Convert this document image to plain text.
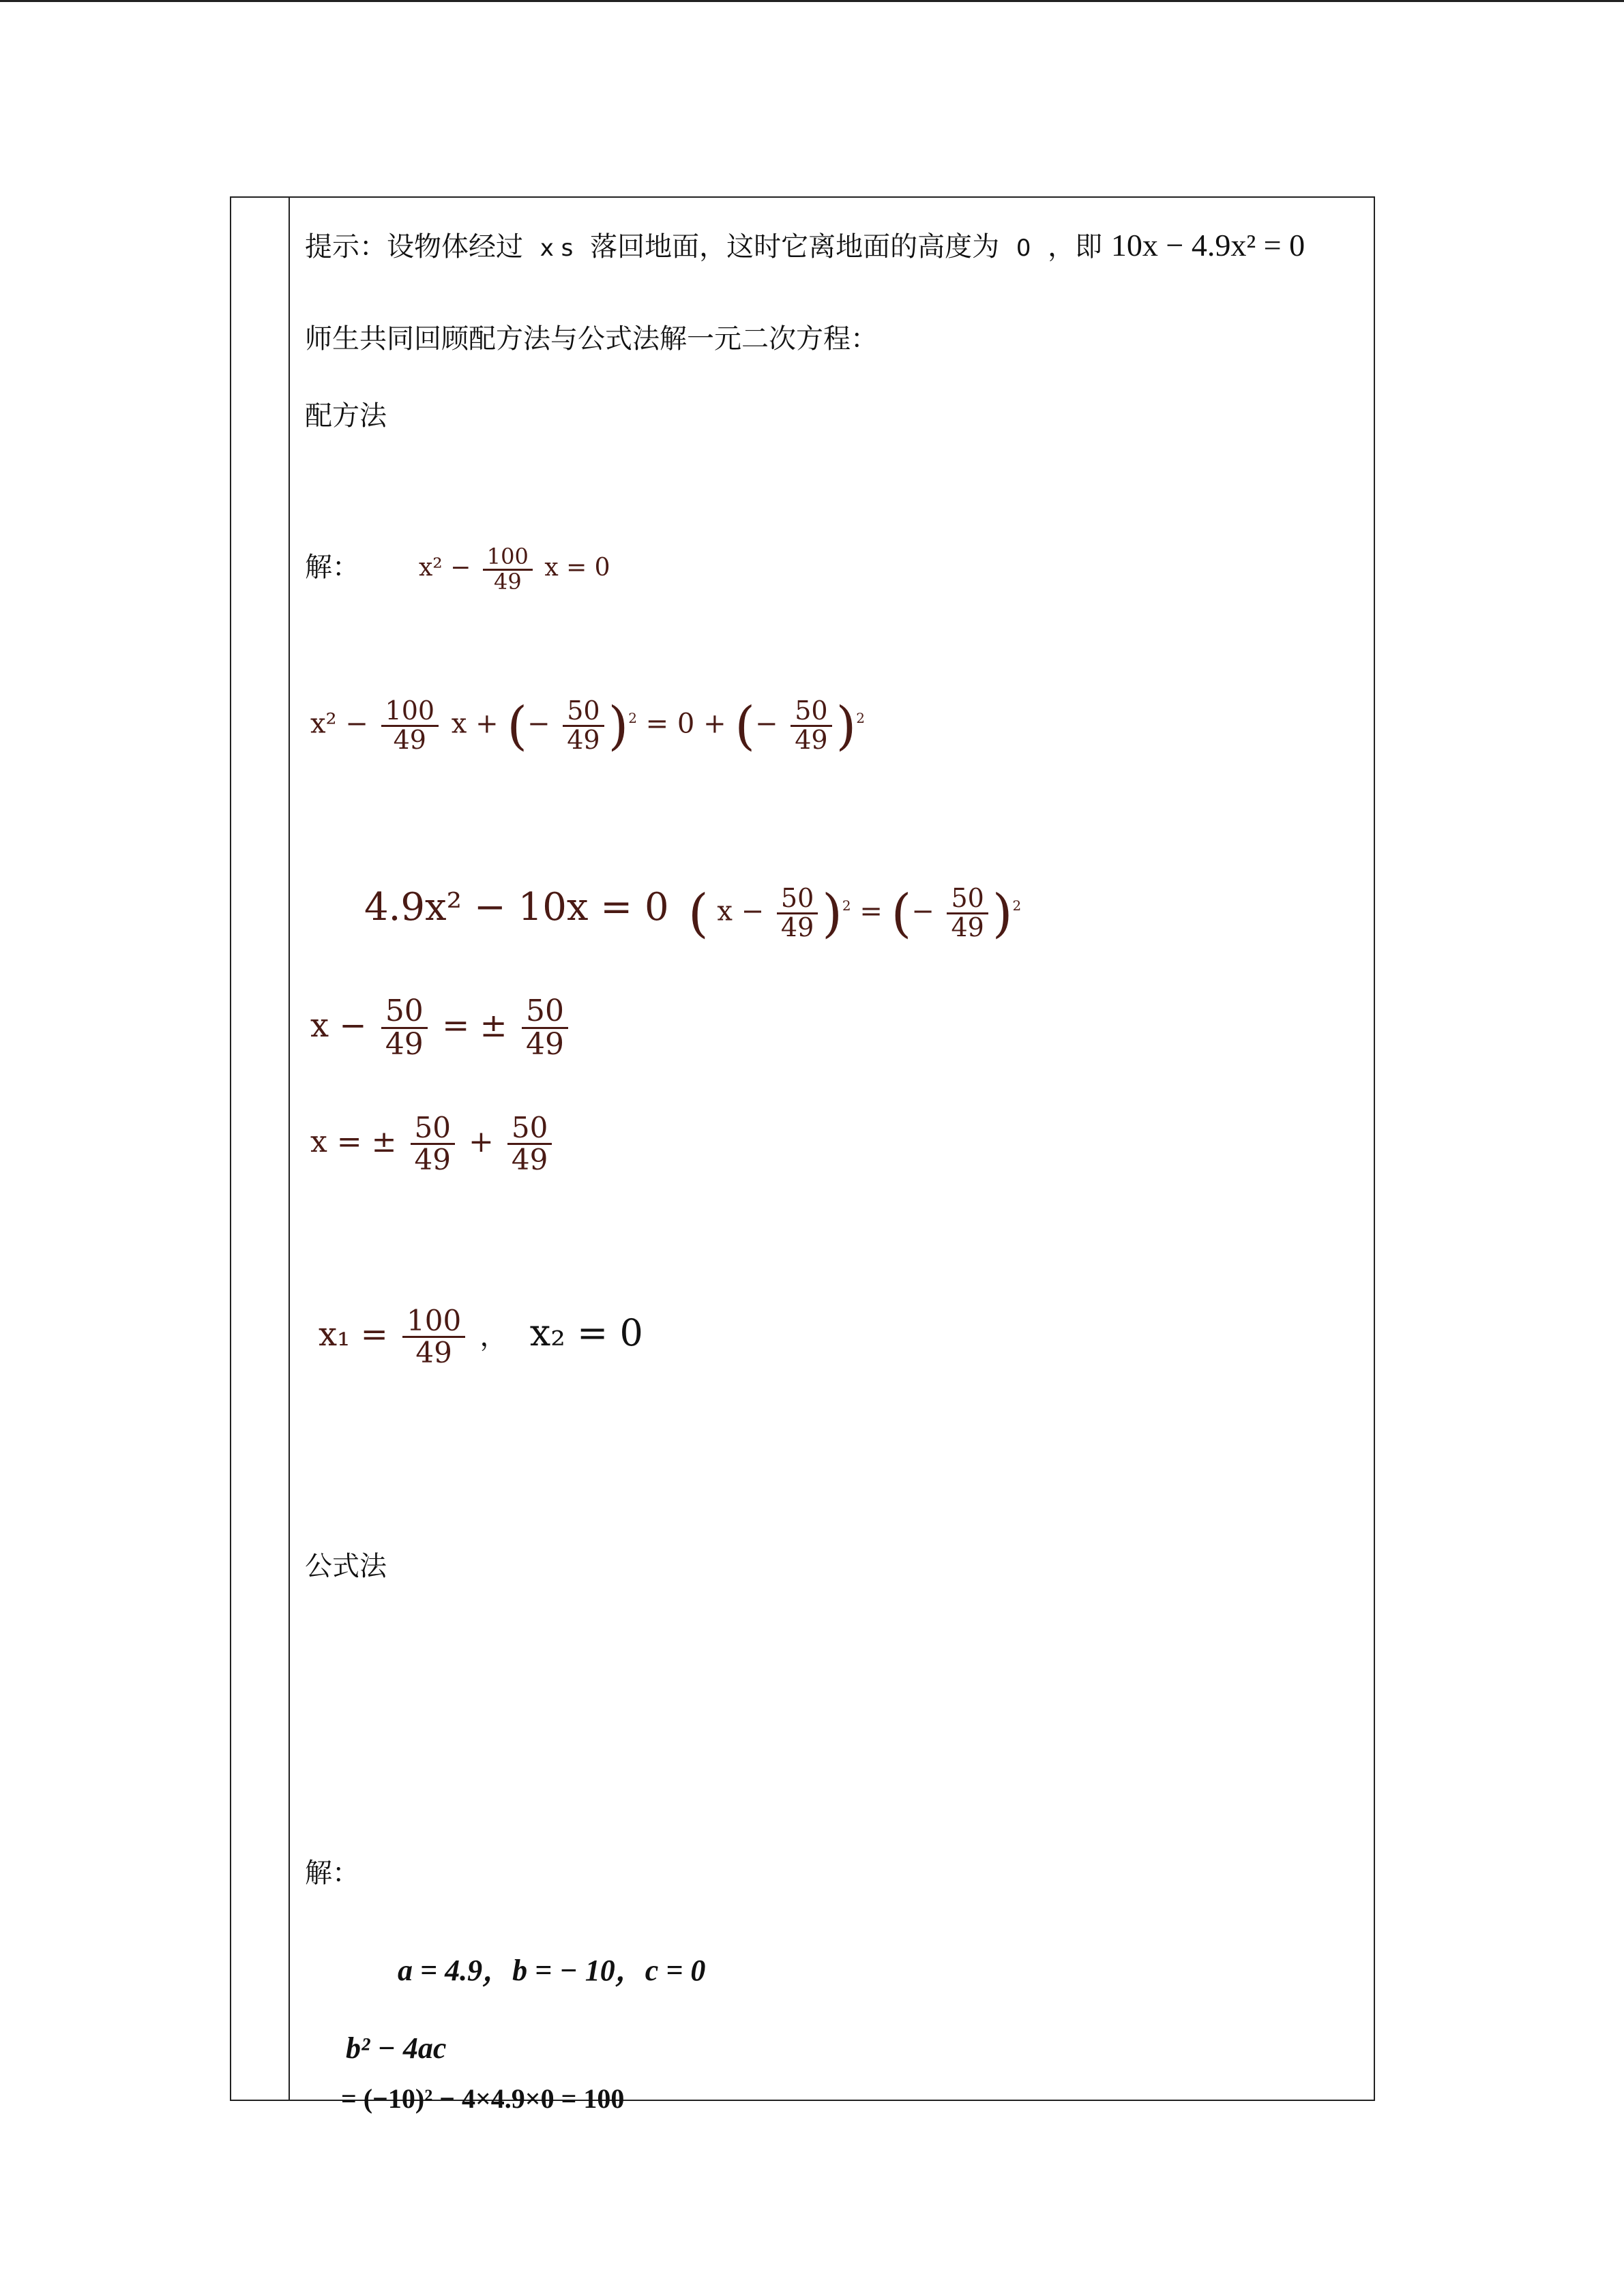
提示：设物体经过 x s 落回地面，这时它离地面的高度为 0 ，即 10x − 4.9x² = 0
师生共同回顾配方法与公式法解一元二次方程：
配方法
解： $x^2 - \frac{100}{49}$ x = 0
$x^2 - \frac{100}{49}$ x + (− $\frac{50}{49} )^2 = 0$ + (− $\frac{50}{49} )^2$
4.9x² − 10x = 0 ( $x - \frac{50}{49} )^2$ = (− $\frac{50}{49} )^2$
$x - \frac{50}{49}$ = ± $\frac{50}{49}$
x = ± $\frac{50}{49} + \frac{50}{49}$
$x_1 = \frac{100}{49}$ ， x₂ = 0
公式法
解：
a = 4.9，b = − 10，c = 0
b² − 4ac
= (−10)² − 4×4.9×0 = 100
